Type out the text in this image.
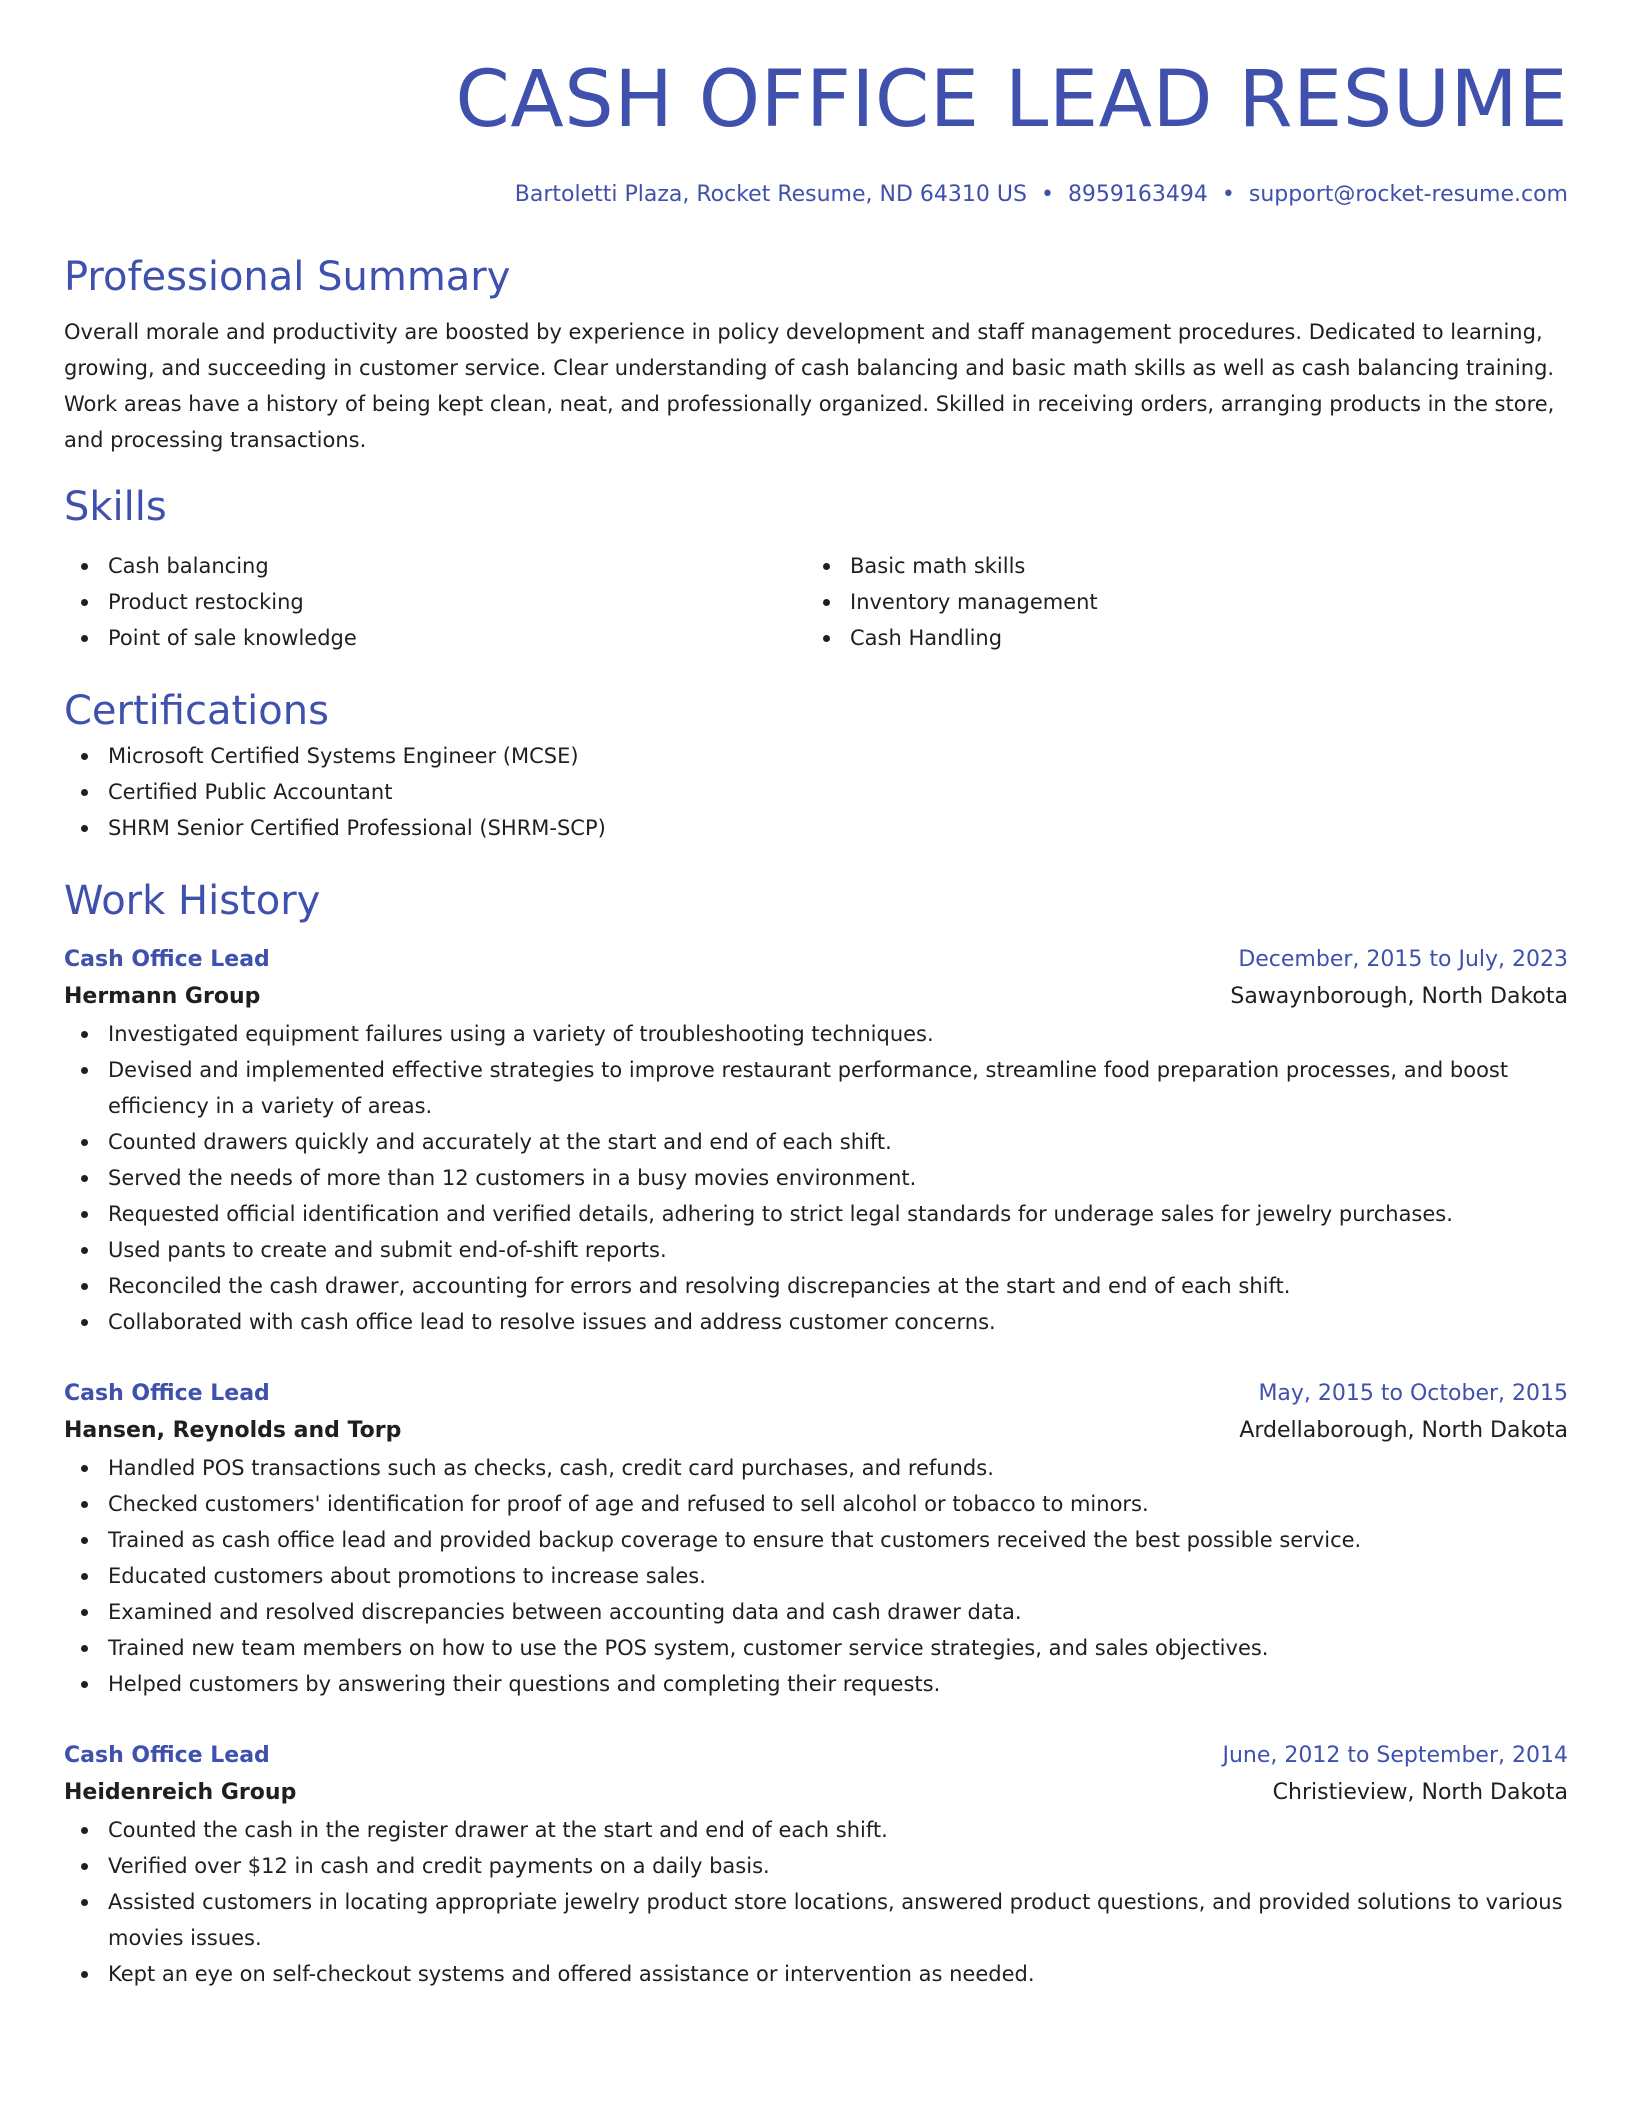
CASH OFFICE LEAD RESUME
Bartoletti Plaza, Rocket Resume, ND 64310 US • 8959163494 • support@rocket-resume.com
Professional Summary

Overall morale and productivity are boosted by experience in policy development and staff management procedures. Dedicated to learning, growing, and succeeding in customer service. Clear understanding of cash balancing and basic math skills as well as cash balancing training. Work areas have a history of being kept clean, neat, and professionally organized. Skilled in receiving orders, arranging products in the store, and processing transactions.

Skills
Cash balancing
Product restocking
Point of sale knowledge
Basic math skills
Inventory management
Cash Handling
Certifications
Microsoft Certified Systems Engineer (MCSE)
Certified Public Accountant
SHRM Senior Certified Professional (SHRM-SCP)
Work History
Cash Office Lead	December, 2015 to July, 2023
Hermann Group	Sawaynborough, North Dakota
Investigated equipment failures using a variety of troubleshooting techniques.
Devised and implemented effective strategies to improve restaurant performance, streamline food preparation processes, and boost efficiency in a variety of areas.
Counted drawers quickly and accurately at the start and end of each shift.
Served the needs of more than 12 customers in a busy movies environment.
Requested official identification and verified details, adhering to strict legal standards for underage sales for jewelry purchases.
Used pants to create and submit end-of-shift reports.
Reconciled the cash drawer, accounting for errors and resolving discrepancies at the start and end of each shift.
Collaborated with cash office lead to resolve issues and address customer concerns.
Cash Office Lead	May, 2015 to October, 2015
Hansen, Reynolds and Torp	Ardellaborough, North Dakota
Handled POS transactions such as checks, cash, credit card purchases, and refunds.
Checked customers' identification for proof of age and refused to sell alcohol or tobacco to minors.
Trained as cash office lead and provided backup coverage to ensure that customers received the best possible service.
Educated customers about promotions to increase sales.
Examined and resolved discrepancies between accounting data and cash drawer data.
Trained new team members on how to use the POS system, customer service strategies, and sales objectives.
Helped customers by answering their questions and completing their requests.
Cash Office Lead	June, 2012 to September, 2014
Heidenreich Group	Christieview, North Dakota
Counted the cash in the register drawer at the start and end of each shift.
Verified over $12 in cash and credit payments on a daily basis.
Assisted customers in locating appropriate jewelry product store locations, answered product questions, and provided solutions to various movies issues.
Kept an eye on self-checkout systems and offered assistance or intervention as needed.
